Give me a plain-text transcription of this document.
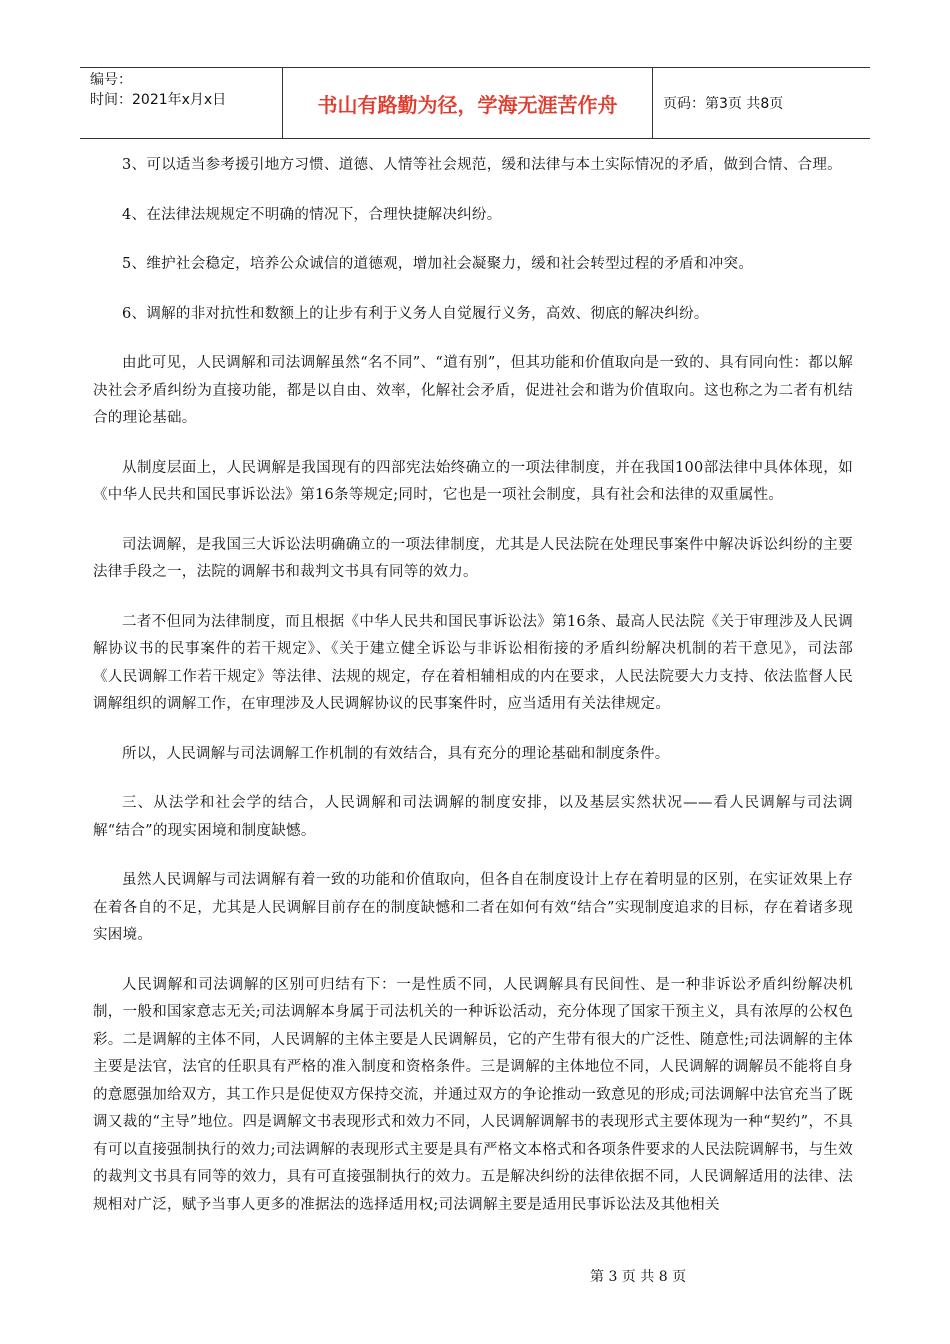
编号：
时间：2021年x月x日	书山有路勤为径，学海无涯苦作舟	页码：第3页 共8页

3、可以适当参考援引地方习惯、道德、人情等社会规范，缓和法律与本土实际情况的矛盾，做到合情、合理。

4、在法律法规规定不明确的情况下，合理快捷解决纠纷。

5、维护社会稳定，培养公众诚信的道德观，增加社会凝聚力，缓和社会转型过程的矛盾和冲突。

6、调解的非对抗性和数额上的让步有利于义务人自觉履行义务，高效、彻底的解决纠纷。

由此可见，人民调解和司法调解虽然“名不同”、“道有别”，但其功能和价值取向是一致的、具有同向性：都以解决社会矛盾纠纷为直接功能，都是以自由、效率，化解社会矛盾，促进社会和谐为价值取向。这也称之为二者有机结合的理论基础。

从制度层面上，人民调解是我国现有的四部宪法始终确立的一项法律制度，并在我国100部法律中具体体现，如《中华人民共和国民事诉讼法》第16条等规定;同时，它也是一项社会制度，具有社会和法律的双重属性。

司法调解，是我国三大诉讼法明确确立的一项法律制度，尤其是人民法院在处理民事案件中解决诉讼纠纷的主要法律手段之一，法院的调解书和裁判文书具有同等的效力。

二者不但同为法律制度，而且根据《中华人民共和国民事诉讼法》第16条、最高人民法院《关于审理涉及人民调解协议书的民事案件的若干规定》、《关于建立健全诉讼与非诉讼相衔接的矛盾纠纷解决机制的若干意见》，司法部《人民调解工作若干规定》等法律、法规的规定，存在着相辅相成的内在要求，人民法院要大力支持、依法监督人民调解组织的调解工作，在审理涉及人民调解协议的民事案件时，应当适用有关法律规定。

所以，人民调解与司法调解工作机制的有效结合，具有充分的理论基础和制度条件。

三、从法学和社会学的结合，人民调解和司法调解的制度安排，以及基层实然状况——看人民调解与司法调解“结合”的现实困境和制度缺憾。

虽然人民调解与司法调解有着一致的功能和价值取向，但各自在制度设计上存在着明显的区别，在实证效果上存在着各自的不足，尤其是人民调解目前存在的制度缺憾和二者在如何有效“结合”实现制度追求的目标，存在着诸多现实困境。

人民调解和司法调解的区别可归结有下：一是性质不同，人民调解具有民间性、是一种非诉讼矛盾纠纷解决机制，一般和国家意志无关;司法调解本身属于司法机关的一种诉讼活动，充分体现了国家干预主义，具有浓厚的公权色彩。二是调解的主体不同，人民调解的主体主要是人民调解员，它的产生带有很大的广泛性、随意性;司法调解的主体主要是法官，法官的任职具有严格的准入制度和资格条件。三是调解的主体地位不同，人民调解的调解员不能将自身的意愿强加给双方，其工作只是促使双方保持交流，并通过双方的争论推动一致意见的形成;司法调解中法官充当了既调又裁的“主导”地位。四是调解文书表现形式和效力不同，人民调解调解书的表现形式主要体现为一种“契约”，不具有可以直接强制执行的效力;司法调解的表现形式主要是具有严格文本格式和各项条件要求的人民法院调解书，与生效的裁判文书具有同等的效力，具有可直接强制执行的效力。五是解决纠纷的法律依据不同，人民调解适用的法律、法规相对广泛，赋予当事人更多的准据法的选择适用权;司法调解主要是适用民事诉讼法及其他相关

第 3 页 共 8 页
